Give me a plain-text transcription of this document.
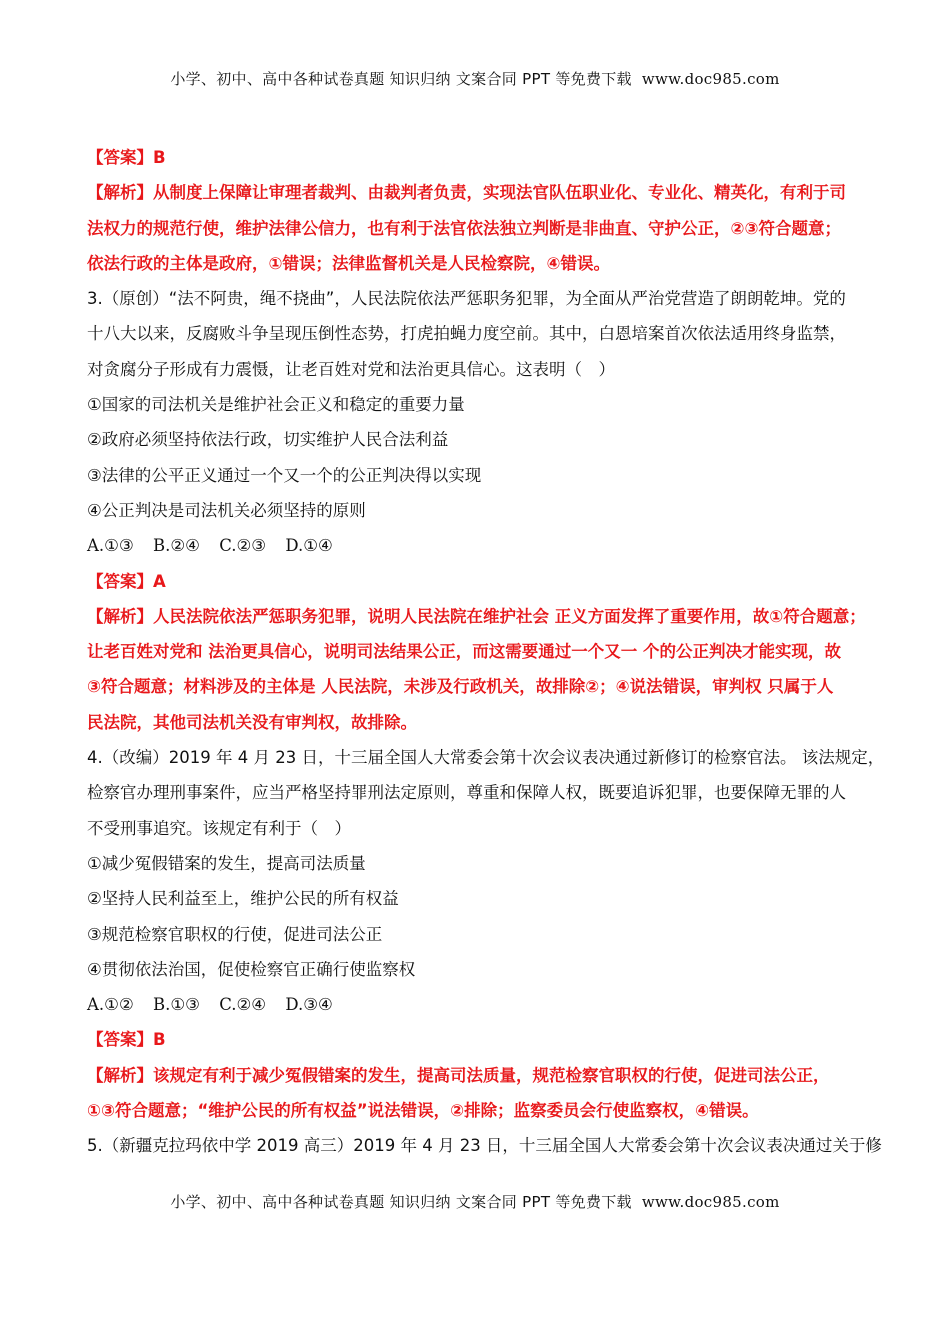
小学、初中、高中各种试卷真题 知识归纳 文案合同 PPT 等免费下载 www.doc985.com
【答案】B
【解析】从制度上保障让审理者裁判、由裁判者负责，实现法官队伍职业化、专业化、精英化，有利于司
法权力的规范行使，维护法律公信力，也有利于法官依法独立判断是非曲直、守护公正，②③符合题意；
依法行政的主体是政府，①错误；法律监督机关是人民检察院，④错误。
3.（原创）“法不阿贵，绳不挠曲”，人民法院依法严惩职务犯罪，为全面从严治党营造了朗朗乾坤。党的
十八大以来，反腐败斗争呈现压倒性态势，打虎拍蝇力度空前。其中，白恩培案首次依法适用终身监禁，
对贪腐分子形成有力震慑，让老百姓对党和法治更具信心。这表明（　）
①国家的司法机关是维护社会正义和稳定的重要力量
②政府必须坚持依法行政，切实维护人民合法利益
③法律的公平正义通过一个又一个的公正判决得以实现
④公正判决是司法机关必须坚持的原则
A.①③ B.②④ C.②③ D.①④
【答案】A
【解析】人民法院依法严惩职务犯罪，说明人民法院在维护社会 正义方面发挥了重要作用，故①符合题意；
让老百姓对党和 法治更具信心，说明司法结果公正，而这需要通过一个又一 个的公正判决才能实现，故
③符合题意；材料涉及的主体是 人民法院，未涉及行政机关，故排除②；④说法错误，审判权 只属于人
民法院，其他司法机关没有审判权，故排除。
4.（改编）2019 年 4 月 23 日，十三届全国人大常委会第十次会议表决通过新修订的检察官法。 该法规定，
检察官办理刑事案件，应当严格坚持罪刑法定原则，尊重和保障人权，既要追诉犯罪，也要保障无罪的人
不受刑事追究。该规定有利于（　）
①减少冤假错案的发生，提高司法质量
②坚持人民利益至上，维护公民的所有权益
③规范检察官职权的行使，促进司法公正
④贯彻依法治国，促使检察官正确行使监察权
A.①② B.①③ C.②④ D.③④
【答案】B
【解析】该规定有利于减少冤假错案的发生，提高司法质量，规范检察官职权的行使，促进司法公正，
①③符合题意；“维护公民的所有权益”说法错误，②排除；监察委员会行使监察权，④错误。
5.（新疆克拉玛依中学 2019 高三）2019 年 4 月 23 日，十三届全国人大常委会第十次会议表决通过关于修
小学、初中、高中各种试卷真题 知识归纳 文案合同 PPT 等免费下载 www.doc985.com
